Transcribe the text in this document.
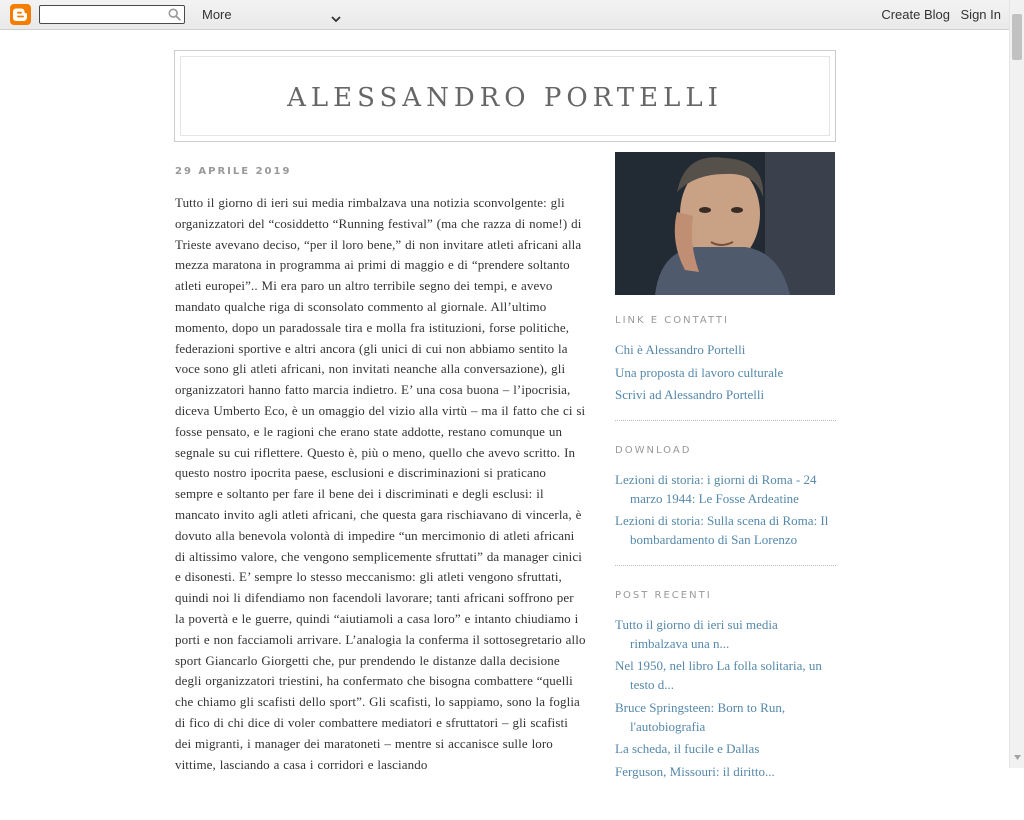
More	Create Blog Sign In
ALESSANDRO PORTELLI
29 APRILE 2019

Tutto il giorno di ieri sui media rimbalzava una notizia sconvolgente: gli organizzatori del “cosiddetto “Running festival” (ma che razza di nome!) di Trieste avevano deciso, “per il loro bene,” di non invitare atleti africani alla mezza maratona in programma ai primi di maggio e di “prendere soltanto atleti europei”.. Mi era paro un altro terribile segno dei tempi, e avevo mandato qualche riga di sconsolato commento al giornale. All’ultimo momento, dopo un paradossale tira e molla fra istituzioni, forse politiche, federazioni sportive e altri ancora (gli unici di cui non abbiamo sentito la voce sono gli atleti africani, non invitati neanche alla conversazione), gli organizzatori hanno fatto marcia indietro. E’ una cosa buona – l’ipocrisia, diceva Umberto Eco, è un omaggio del vizio alla virtù – ma il fatto che ci si fosse pensato, e le ragioni che erano state addotte, restano comunque un segnale su cui riflettere. Questo è, più o meno, quello che avevo scritto. In questo nostro ipocrita paese, esclusioni e discriminazioni si praticano sempre e soltanto per fare il bene dei i discriminati e degli esclusi: il mancato invito agli atleti africani, che questa gara rischiavano di vincerla, è dovuto alla benevola volontà di impedire “un mercimonio di atleti africani di altissimo valore, che vengono semplicemente sfruttati” da manager cinici e disonesti. E’ sempre lo stesso meccanismo: gli atleti vengono sfruttati, quindi noi li difendiamo non facendoli lavorare; tanti africani soffrono per la povertà e le guerre, quindi “aiutiamoli a casa loro” e intanto chiudiamo i porti e non facciamoli arrivare. L’analogia la conferma il sottosegretario allo sport Giancarlo Giorgetti che, pur prendendo le distanze dalla decisione degli organizzatori triestini, ha confermato che bisogna combattere “quelli che chiamo gli scafisti dello sport”. Gli scafisti, lo sappiamo, sono la foglia di fico di chi dice di voler combattere mediatori e sfruttatori – gli scafisti dei migranti, i manager dei maratoneti – mentre si accanisce sulle loro vittime, lasciando a casa i corridori e lasciando

LINK E CONTATTI
Chi è Alessandro Portelli
Una proposta di lavoro culturale
Scrivi ad Alessandro Portelli
DOWNLOAD
Lezioni di storia: i giorni di Roma - 24 marzo 1944: Le Fosse Ardeatine
Lezioni di storia: Sulla scena di Roma: Il bombardamento di San Lorenzo
POST RECENTI
Tutto il giorno di ieri sui media rimbalzava una n...
Nel 1950, nel libro La folla solitaria, un testo d...
Bruce Springsteen: Born to Run, l'autobiografia
La scheda, il fucile e Dallas
Ferguson, Missouri: il diritto...
